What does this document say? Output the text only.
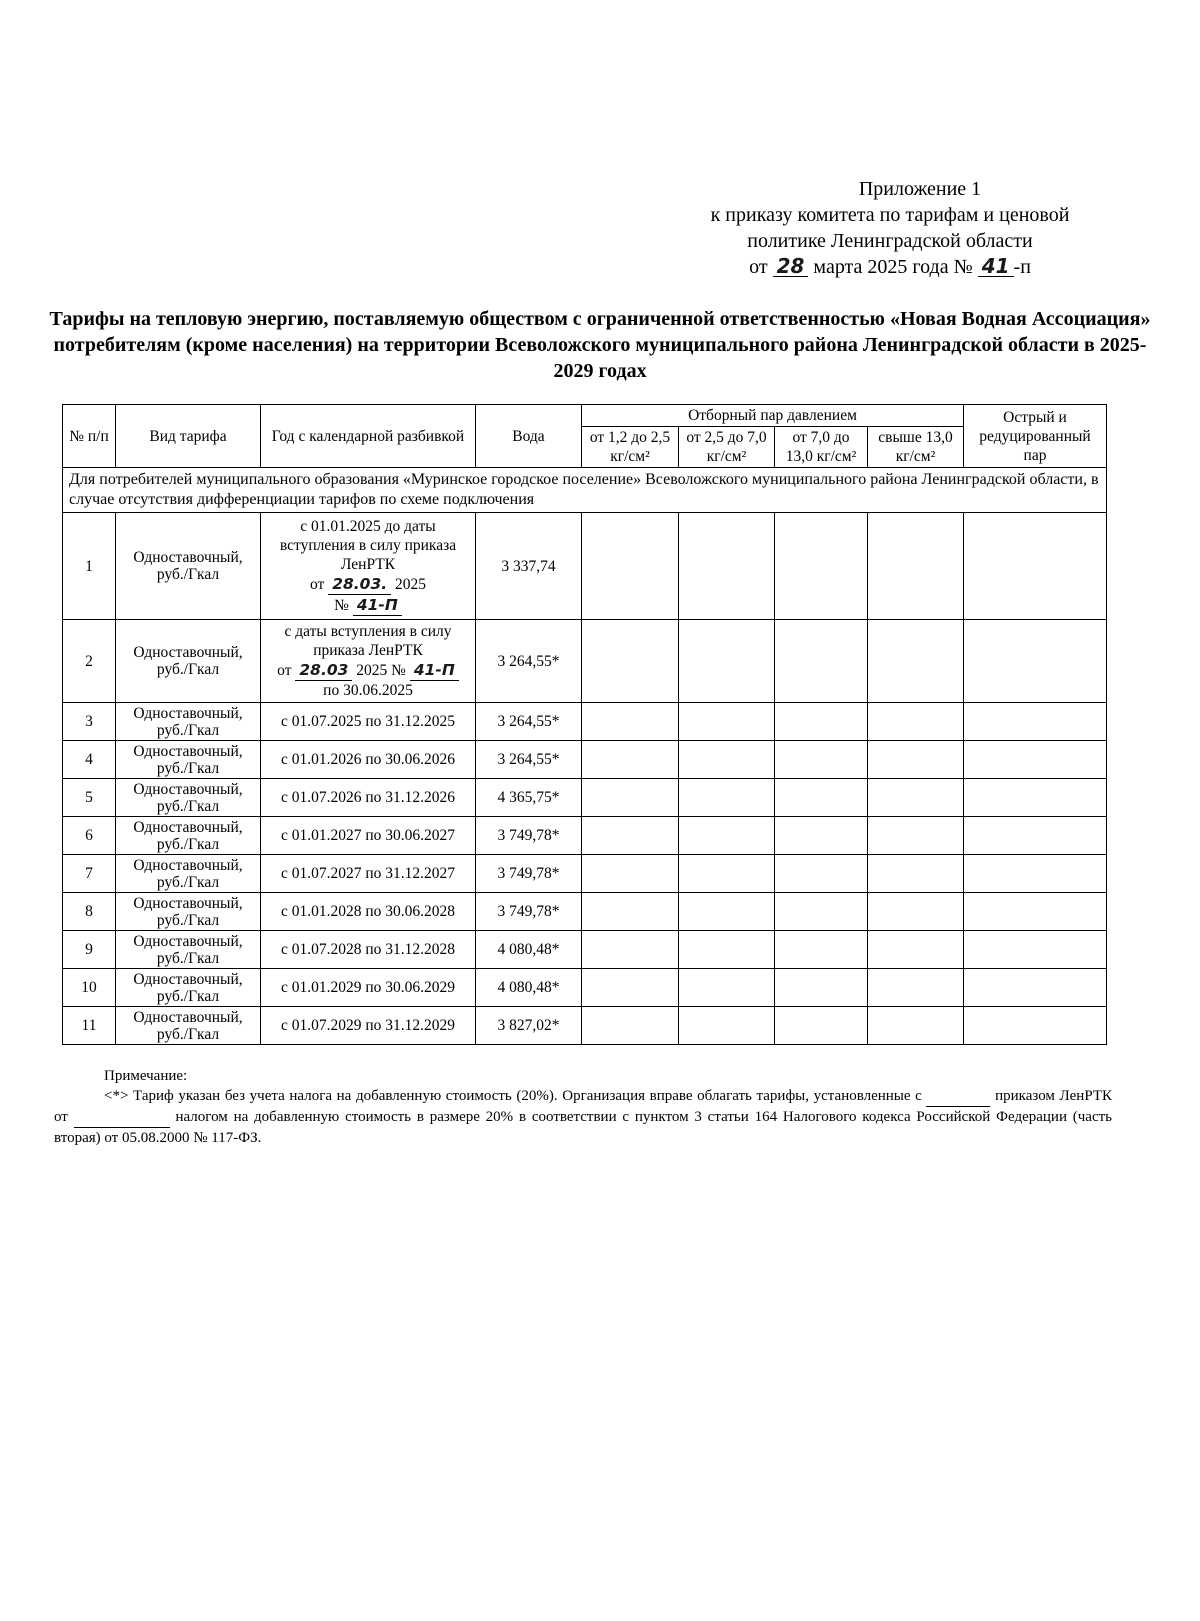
Приложение 1
к приказу комитета по тарифам и ценовой
политике Ленинградской области
от 28 марта 2025 года № 41 -п
Тарифы на тепловую энергию, поставляемую обществом с ограниченной ответственностью «Новая Водная Ассоциация» потребителям (кроме населения) на территории Всеволожского муниципального района Ленинградской области в 2025-2029 годах
№ п/п	Вид тарифа	Год с календарной разбивкой	Вода	Отборный пар давлением				Острый и редуцированный пар
				от 1,2 до 2,5 кг/см²	от 2,5 до 7,0 кг/см²	от 7,0 до 13,0 кг/см²	свыше 13,0 кг/см²	
Для потребителей муниципального образования «Муринское городское поселение» Всеволожского муниципального района Ленинградской области, в случае отсутствия дифференциации тарифов по схеме подключения								
1	Одноставочный, руб./Гкал	с 01.01.2025 до даты вступления в силу приказа ЛенРТК
от 28.03. 2025
№ 41-П	3 337,74					
2	Одноставочный, руб./Гкал	с даты вступления в силу приказа ЛенРТК
от 28.03 2025 № 41-П
по 30.06.2025	3 264,55*					
3	Одноставочный, руб./Гкал	с 01.07.2025 по 31.12.2025	3 264,55*					
4	Одноставочный, руб./Гкал	с 01.01.2026 по 30.06.2026	3 264,55*					
5	Одноставочный, руб./Гкал	с 01.07.2026 по 31.12.2026	4 365,75*					
6	Одноставочный, руб./Гкал	с 01.01.2027 по 30.06.2027	3 749,78*					
7	Одноставочный, руб./Гкал	с 01.07.2027 по 31.12.2027	3 749,78*					
8	Одноставочный, руб./Гкал	с 01.01.2028 по 30.06.2028	3 749,78*					
9	Одноставочный, руб./Гкал	с 01.07.2028 по 31.12.2028	4 080,48*					
10	Одноставочный, руб./Гкал	с 01.01.2029 по 30.06.2029	4 080,48*					
11	Одноставочный, руб./Гкал	с 01.07.2029 по 31.12.2029	3 827,02*					
Примечание:
<*> Тариф указан без учета налога на добавленную стоимость (20%). Организация вправе облагать тарифы, установленные с	приказом ЛенРТК от	налогом на добавленную стоимость в размере 20% в соответствии с пунктом 3 статьи 164 Налогового кодекса Российской Федерации (часть вторая) от 05.08.2000 № 117-ФЗ.
